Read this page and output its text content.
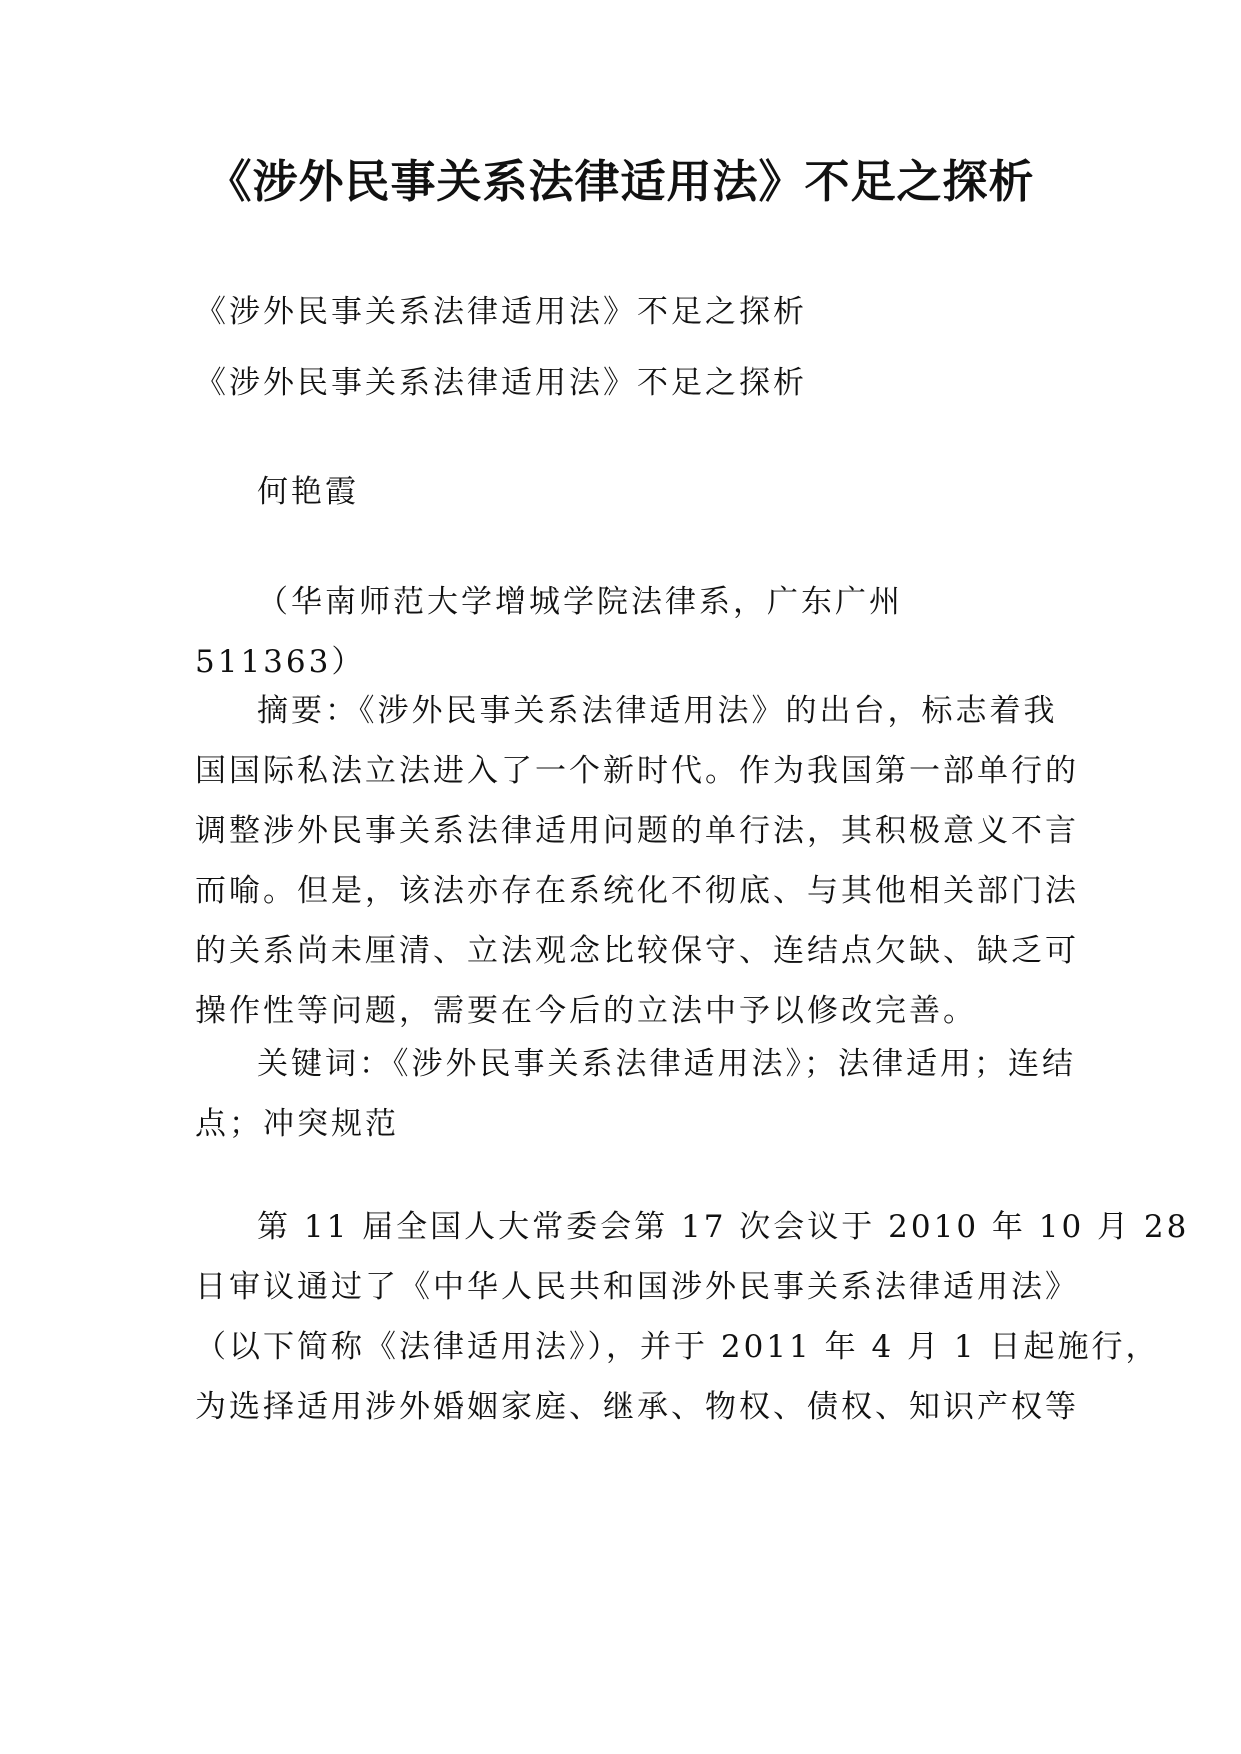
《涉外民事关系法律适用法》不足之探析

《涉外民事关系法律适用法》不足之探析

《涉外民事关系法律适用法》不足之探析

何艳霞

（华南师范大学增城学院法律系，广东广州 511363）

摘要：《涉外民事关系法律适用法》的出台，标志着我
国国际私法立法进入了一个新时代。作为我国第一部单行的
调整涉外民事关系法律适用问题的单行法，其积极意义不言
而喻。但是，该法亦存在系统化不彻底、与其他相关部门法
的关系尚未厘清、立法观念比较保守、连结点欠缺、缺乏可
操作性等问题，需要在今后的立法中予以修改完善。
关键词：《涉外民事关系法律适用法》；法律适用；连结
点；冲突规范
第 11 届全国人大常委会第 17 次会议于 2010 年 10 月 28
日审议通过了《中华人民共和国涉外民事关系法律适用法》
（以下简称《法律适用法》），并于 2011 年 4 月 1 日起施行，
为选择适用涉外婚姻家庭、继承、物权、债权、知识产权等
